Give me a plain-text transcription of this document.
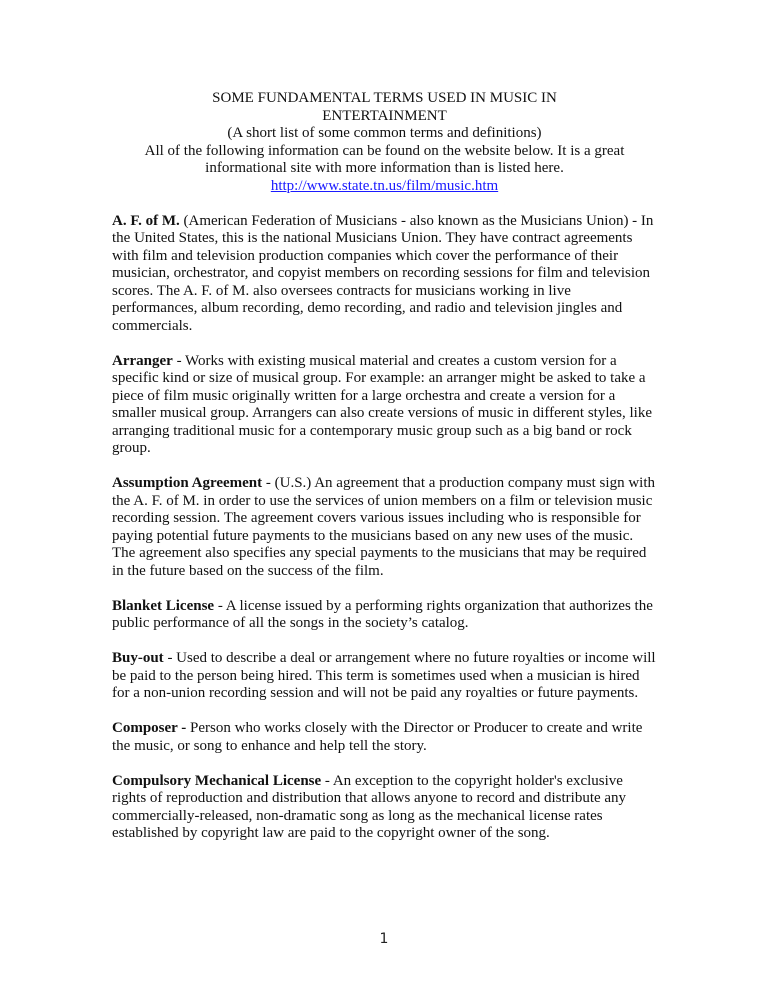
SOME FUNDAMENTAL TERMS USED IN MUSIC IN
ENTERTAINMENT
(A short list of some common terms and definitions)
All of the following information can be found on the website below. It is a great
informational site with more information than is listed here.
http://www.state.tn.us/film/music.htm

A. F. of M. (American Federation of Musicians - also known as the Musicians Union) - In the United States, this is the national Musicians Union. They have contract agreements with film and television production companies which cover the performance of their musician, orchestrator, and copyist members on recording sessions for film and television scores. The A. F. of M. also oversees contracts for musicians working in live performances, album recording, demo recording, and radio and television jingles and commercials.

Arranger - Works with existing musical material and creates a custom version for a specific kind or size of musical group. For example: an arranger might be asked to take a piece of film music originally written for a large orchestra and create a version for a smaller musical group. Arrangers can also create versions of music in different styles, like arranging traditional music for a contemporary music group such as a big band or rock group.

Assumption Agreement - (U.S.) An agreement that a production company must sign with the A. F. of M. in order to use the services of union members on a film or television music recording session. The agreement covers various issues including who is responsible for paying potential future payments to the musicians based on any new uses of the music. The agreement also specifies any special payments to the musicians that may be required in the future based on the success of the film.

Blanket License - A license issued by a performing rights organization that authorizes the public performance of all the songs in the society’s catalog.

Buy-out - Used to describe a deal or arrangement where no future royalties or income will be paid to the person being hired. This term is sometimes used when a musician is hired for a non-union recording session and will not be paid any royalties or future payments.

Composer - Person who works closely with the Director or Producer to create and write the music, or song to enhance and help tell the story.

Compulsory Mechanical License - An exception to the copyright holder's exclusive rights of reproduction and distribution that allows anyone to record and distribute any commercially-released, non-dramatic song as long as the mechanical license rates established by copyright law are paid to the copyright owner of the song.

1
